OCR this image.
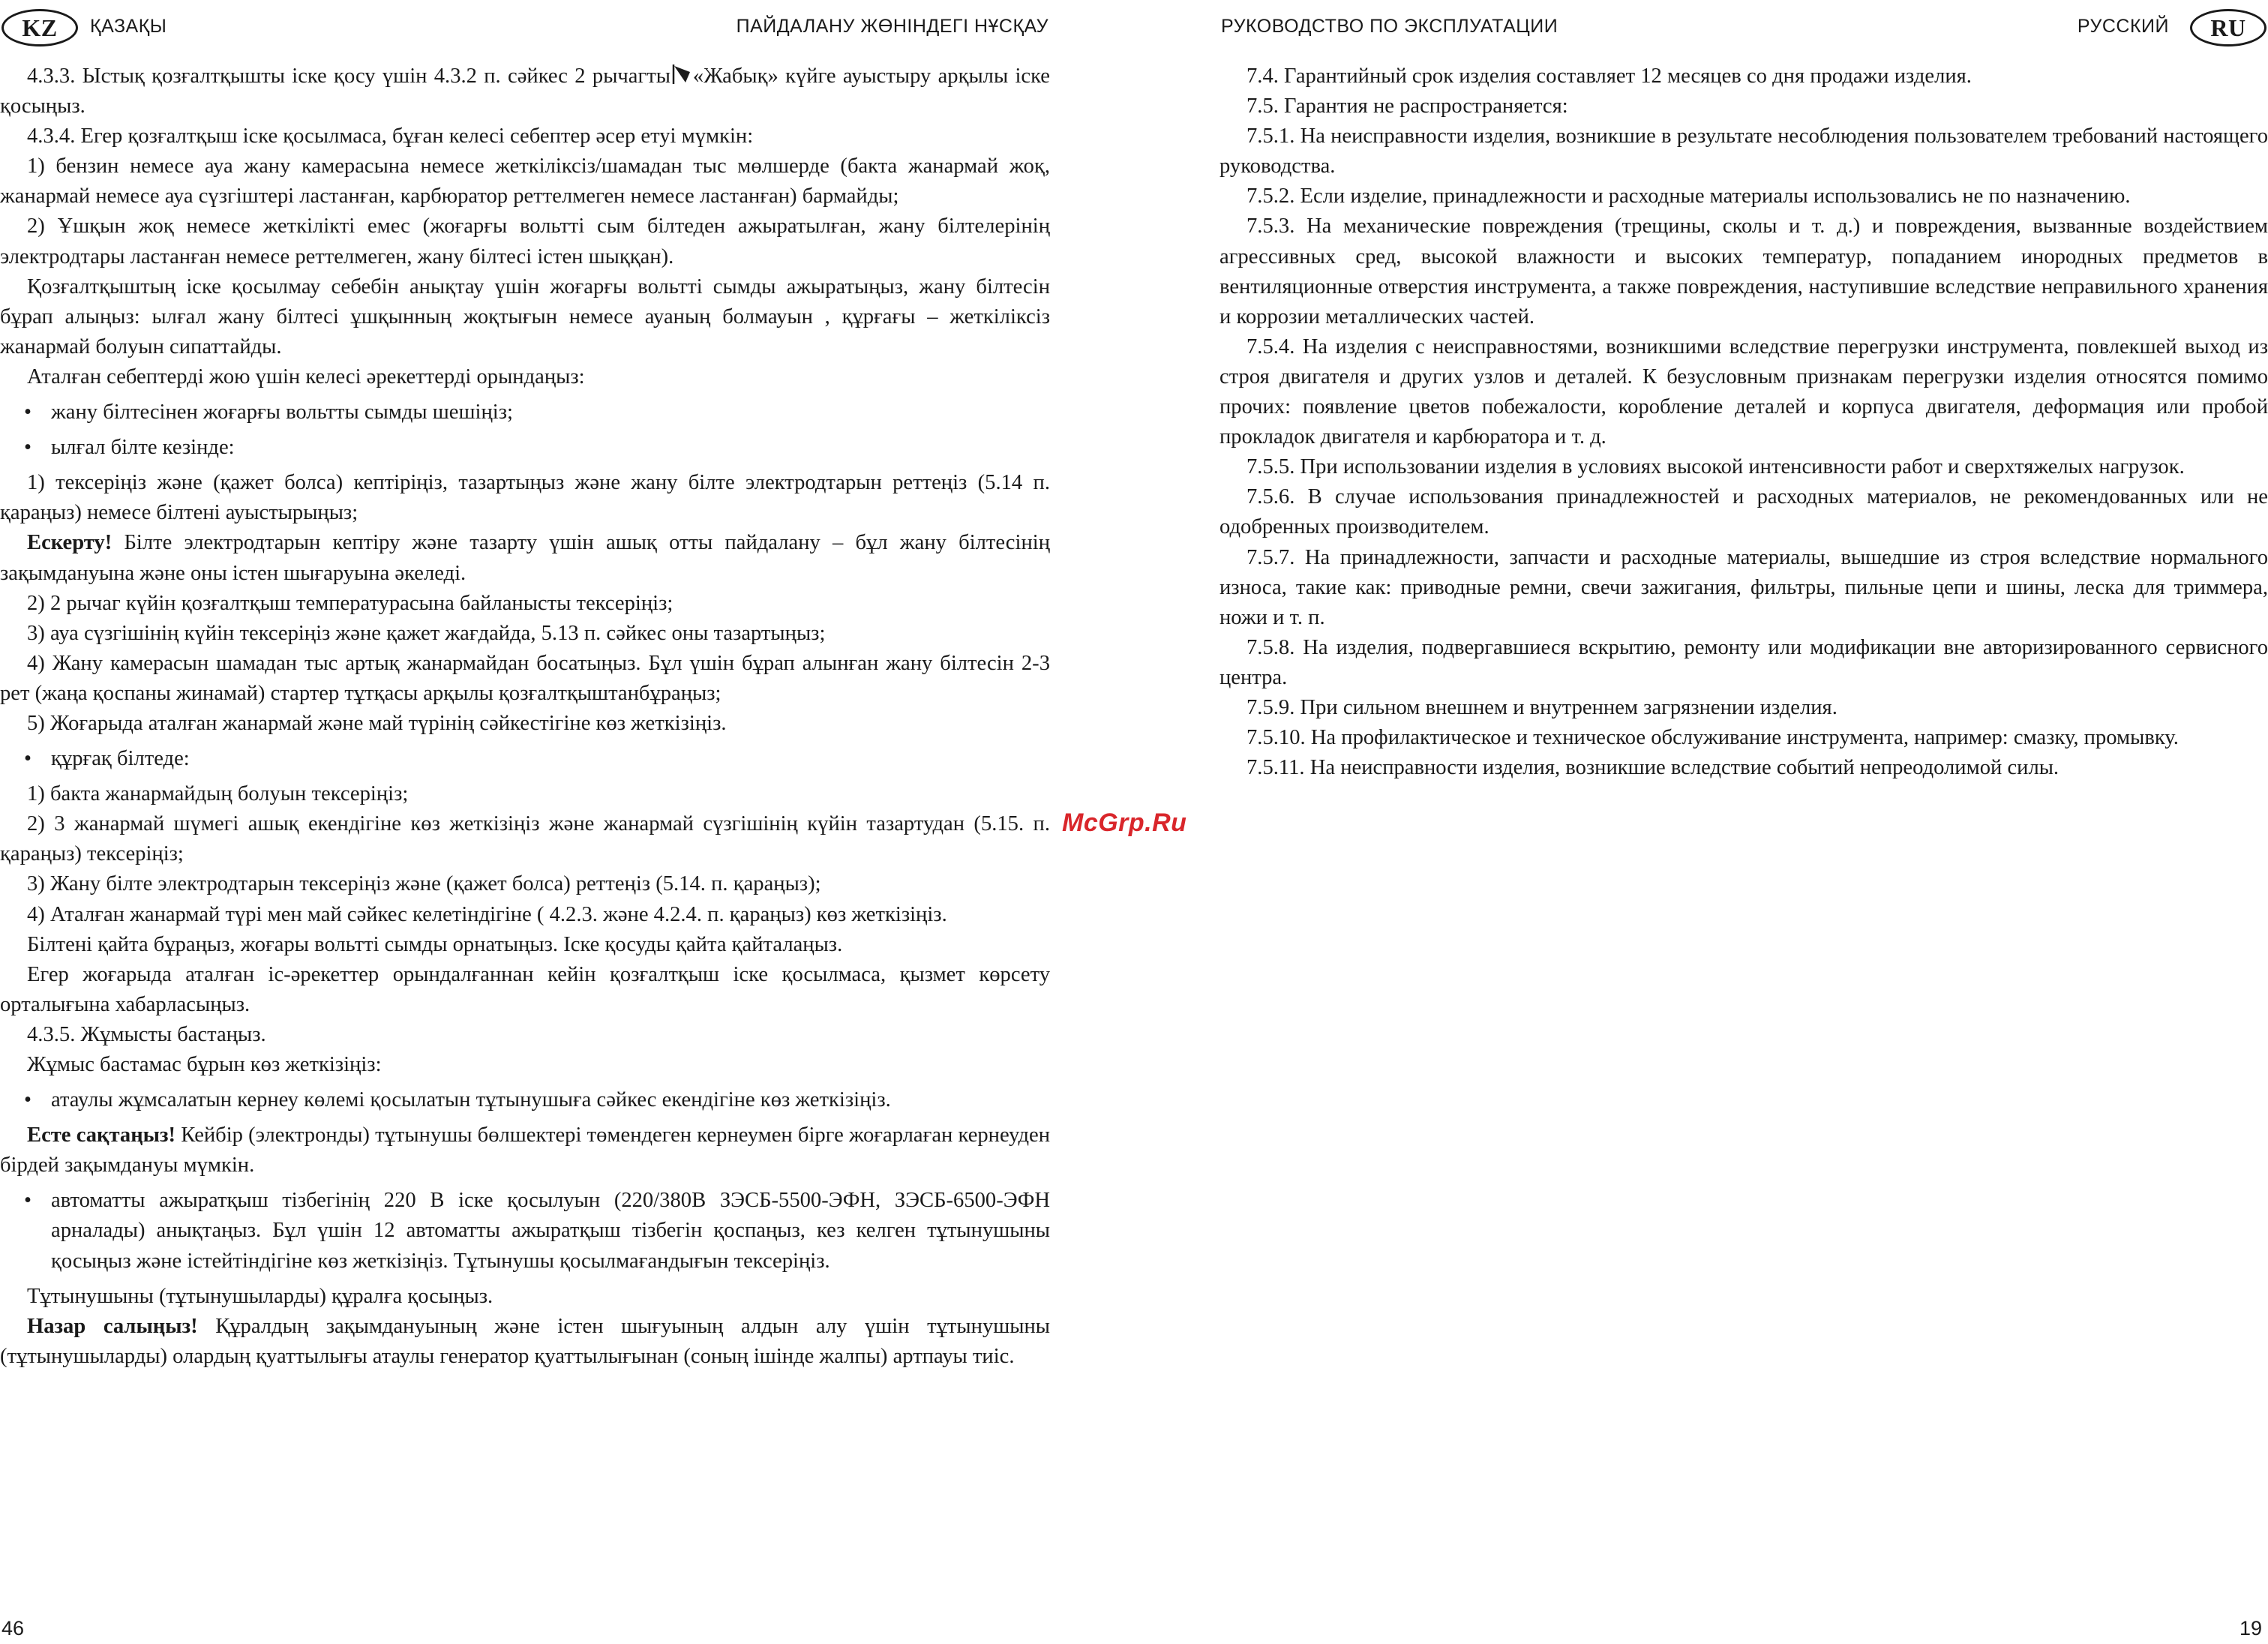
KZ	ҚАЗАҚЫ	ПАЙДАЛАНУ ЖӨНІНДЕГІ НҰСҚАУ

4.3.3. Ыстық қозғалтқышты іске қосу үшін 4.3.2 п. сәйкес 2 рычагты «Жабық» күйге ауыстыру арқылы іске қосыңыз.

4.3.4. Егер қозғалтқыш іске қосылмаса, бұған келесі себептер әсер етуі мүмкін:

1) бензин немесе ауа жану камерасына немесе жеткіліксіз/шамадан тыс мөлшерде (бакта жанармай жоқ, жанармай немесе ауа сүзгіштері ластанған, карбюратор реттелмеген немесе ластанған) бармайды;

2) Ұшқын жоқ немесе жеткілікті емес (жоғарғы вольтті сым білтеден ажыратылған, жану білтелерінің электродтары ластанған немесе реттелмеген, жану білтесі істен шыққан).

Қозғалтқыштың іске қосылмау себебін анықтау үшін жоғарғы вольтті сымды ажыратыңыз, жану білтесін бұрап алыңыз: ылғал жану білтесі ұшқынның жоқтығын немесе ауаның болмауын , құрғағы – жеткіліксіз жанармай болуын сипаттайды.

Аталған себептерді жою үшін келесі әрекеттерді орындаңыз:

• жану білтесінен жоғарғы вольтты сымды шешіңіз;

• ылғал білте кезінде:

1) тексеріңіз және (қажет болса) кептіріңіз, тазартыңыз және жану білте электродтарын реттеңіз (5.14 п. қараңыз) немесе білтені ауыстырыңыз;

Ескерту! Білте электродтарын кептіру және тазарту үшін ашық отты пайдалану – бұл жану білтесінің зақымдануына және оны істен шығаруына әкеледі.

2) 2 рычаг күйін қозғалтқыш температурасына байланысты тексеріңіз;

3) ауа сүзгішінің күйін тексеріңіз және қажет жағдайда, 5.13 п. сәйкес оны тазартыңыз;

4) Жану камерасын шамадан тыс артық жанармайдан босатыңыз. Бұл үшін бұрап алынған жану білтесін 2-3 рет (жаңа қоспаны жинамай) стартер тұтқасы арқылы қозғалтқыштанбұраңыз;

5) Жоғарыда аталған жанармай және май түрінің сәйкестігіне көз жеткізіңіз.

• құрғақ білтеде:

1) бакта жанармайдың болуын тексеріңіз;

2) 3 жанармай шүмегі ашық екендігіне көз жеткізіңіз және жанармай сүзгішінің күйін тазартудан (5.15. п. қараңыз) тексеріңіз;

3) Жану білте электродтарын тексеріңіз және (қажет болса) реттеңіз (5.14. п. қараңыз);

4) Аталған жанармай түрі мен май сәйкес келетіндігіне ( 4.2.3. және 4.2.4. п. қараңыз) көз жеткізіңіз.

Білтені қайта бұраңыз, жоғары вольтті сымды орнатыңыз. Іске қосуды қайта қайталаңыз.

Егер жоғарыда аталған іс-әрекеттер орындалғаннан кейін қозғалтқыш іске қосылмаса, қызмет көрсету орталығына хабарласыңыз.

4.3.5. Жұмысты бастаңыз.

Жұмыс бастамас бұрын көз жеткізіңіз:

• атаулы жұмсалатын кернеу көлемі қосылатын тұтынушыға сәйкес екендігіне көз жеткізіңіз.

Есте сақтаңыз! Кейбір (электронды) тұтынушы бөлшектері төмендеген кернеумен бірге жоғарлаған кернеуден бірдей зақымдануы мүмкін.

• автоматты ажыратқыш тізбегінің 220 В іске қосылуын (220/380В ЗЭСБ-5500-ЭФН, ЗЭСБ-6500-ЭФН арналады) анықтаңыз. Бұл үшін 12 автоматты ажыратқыш тізбегін қоспаңыз, кез келген тұтынушыны қосыңыз және істейтіндігіне көз жеткізіңіз. Тұтынушы қосылмағандығын тексеріңіз.

Тұтынушыны (тұтынушыларды) құралға қосыңыз.

Назар салыңыз! Құралдың зақымдануының және істен шығуының алдын алу үшін тұтынушыны (тұтынушыларды) олардың қуаттылығы атаулы генератор қуаттылығынан (соның ішінде жалпы) артпауы тиіс.

46
РУКОВОДСТВО ПО ЭКСПЛУАТАЦИИ	РУССКИЙ	RU

7.4. Гарантийный срок изделия составляет 12 месяцев со дня продажи изделия.

7.5. Гарантия не распространяется:

7.5.1. На неисправности изделия, возникшие в результате несоблюдения пользователем требований настоящего руководства.

7.5.2. Если изделие, принадлежности и расходные материалы использовались не по назначению.

7.5.3. На механические повреждения (трещины, сколы и т. д.) и повреждения, вызванные воздействием агрессивных сред, высокой влажности и высоких температур, попаданием инородных предметов в вентиляционные отверстия инструмента, а также повреждения, наступившие вследствие неправильного хранения и коррозии металлических частей.

7.5.4. На изделия с неисправностями, возникшими вследствие перегрузки инструмента, повлекшей выход из строя двигателя и других узлов и деталей. К безусловным признакам перегрузки изделия относятся помимо прочих: появление цветов побежалости, коробление деталей и корпуса двигателя, деформация или пробой прокладок двигателя и карбюратора и т. д.

7.5.5. При использовании изделия в условиях высокой интенсивности работ и сверхтяжелых нагрузок.

7.5.6. В случае использования принадлежностей и расходных материалов, не рекомендованных или не одобренных производителем.

7.5.7. На принадлежности, запчасти и расходные материалы, вышедшие из строя вследствие нормального износа, такие как: приводные ремни, свечи зажигания, фильтры, пильные цепи и шины, леска для триммера, ножи и т. п.

7.5.8. На изделия, подвергавшиеся вскрытию, ремонту или модификации вне авторизированного сервисного центра.

7.5.9. При сильном внешнем и внутреннем загрязнении изделия.

7.5.10. На профилактическое и техническое обслуживание инструмента, например: смазку, промывку.

7.5.11. На неисправности изделия, возникшие вследствие событий непреодолимой силы.

19
McGrp.Ru
